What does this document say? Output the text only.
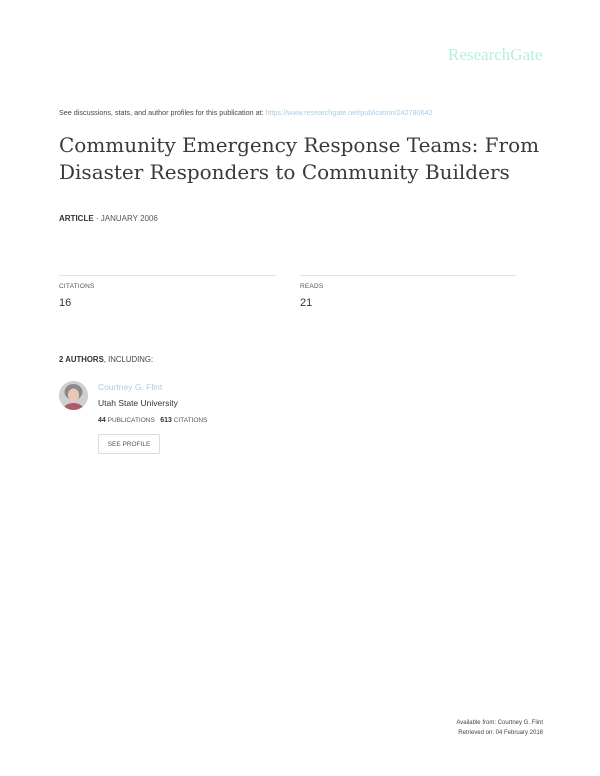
ResearchGate
See discussions, stats, and author profiles for this publication at: https://www.researchgate.net/publication/242780642
Community Emergency Response Teams: From Disaster Responders to Community Builders
ARTICLE · JANUARY 2006
CITATIONS
16
READS
21
2 AUTHORS, INCLUDING:
Courtney G. Flint
Utah State University
44 PUBLICATIONS 613 CITATIONS
SEE PROFILE
Available from: Courtney G. Flint
Retrieved on: 04 February 2016
